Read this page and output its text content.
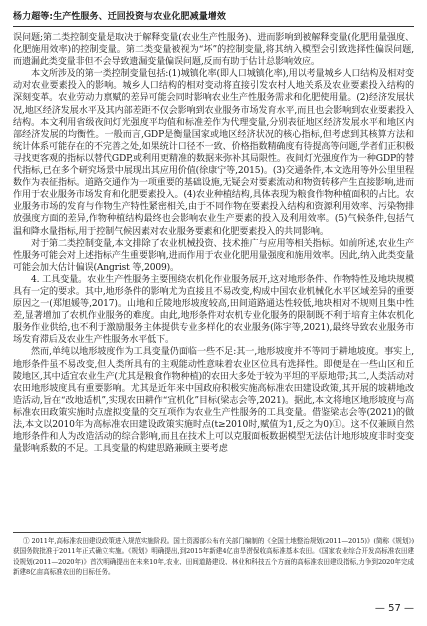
杨力超等:生产性服务、迁回投资与农业化肥减量增效

误问题;第二类控制变量是取决于解释变量(农业生产性服务)、进而影响到被解释变量(化肥用量强度、化肥施用效率)的控制变量。第二类变量被视为“坏”的控制变量,将其纳入模型会引致选择性偏误问题,而遗漏此类变量非但不会导致遗漏变量偏误问题,反而有助于估计总影响效应。

本文所涉及的第一类控制变量包括:(1)城镇化率(即人口城镇化率),用以考量城乡人口结构及相对变动对农业要素投入的影响。城乡人口结构的相对变动将直接引发农村人地关系及农业要素投入结构的深刻变革。农业劳动力禀赋的差异可能会同时影响农业生产性服务需求和化肥使用量。(2)经济发展状况,地区经济发展水平及其内部差距不仅会影响到农业服务市场发育水平,而且也会影响到农业要素投入结构。本文利用省级夜间灯光强度平均值和标准差作为代理变量,分别表征地区经济发展水平和地区内部经济发展的均衡性。一般而言,GDP是衡量国家或地区经济状况的核心指标,但考虑到其核算方法和统计体系可能存在的不完善之处,如果统计口径不一致、价格指数精确度有待提高等问题,学者们正积极寻找更客观的指标以替代GDP,或利用更精准的数据来弥补其局限性。夜间灯光强度作为一种GDP的替代指标,已在多个研究场景中展现出其应用价值(徐康宁等,2015)。(3)交通条件,本文选用等外公里里程数作为表征指标。道路交通作为一项重要的基础设施,无疑会对要素流动和物资转移产生直接影响,进而作用于农业服务市场发育和化肥要素投入。(4)农业种植结构,具体表现为粮食作物种植面积的占比。农业服务市场的发育与作物生产特性紧密相关,由于不同作物在要素投入结构和资源利用效率、污染物排放强度方面的差异,作物种植结构最终也会影响农业生产要素的投入及利用效率。(5)气候条件,包括气温和降水量指标,用于控制气候因素对农业服务要素和化肥要素投入的共同影响。

对于第二类控制变量,本文排除了农业机械投资、技术推广与应用等相关指标。如前所述,农业生产性服务可能会对上述指标产生重要影响,进而作用于农业化肥用量强度和施用效率。因此,纳入此类变量可能会加大估计偏误(Angrist 等,2009)。

4. 工具变量。农业生产性服务主要围绕农机化作业服务展开,这对地形条件、作物特性及地块规模具有一定的要求。其中,地形条件的影响尤为直接且不易改变,构成中国农业机械化水平区域差异的重要原因之一(郑旭媛等,2017)。山地和丘陵地形坡度较高,田间道路通达性较低,地块相对不规则且集中性差,显著增加了农机作业服务的难度。由此,地形条件对农机专业化服务的限制既不利于培育主体农机化服务作业供给,也不利于激励服务主体提供专业多样化的农业服务(陈宇等,2021),最终导致农业服务市场发育滞后及农业生产性服务水平低下。

然而,单纯以地形坡度作为工具变量仍面临一些不足:其一,地形坡度并不等同于耕地坡度。事实上,地形条件虽不易改变,但人类所具有的主观能动性意味着农业区位具有选择性。即便是在一些山区和丘陵地区,其中适宜农业生产(尤其是粮食作物种植)的农田大多处于较为平坦的平原地带;其二,人类活动对农田地形坡度具有重要影响。尤其是近年来中国政府积极实施高标准农田建设政策,其开展的坡耕地改造活动,旨在“改地适机”,实现农田耕作“宜机化”目标(梁志会等,2021)。据此,本文将地区地形坡度与高标准农田政策实施时点虚拟变量的交互项作为农业生产性服务的工具变量。借鉴梁志会等(2021)的做法,本文以2010年为高标准农田建设政策实施时点(t≥2010时,赋值为1,反之为0)①。这不仅兼顾自然地形条件和人为改造活动的综合影响,而且在技术上可以克服面板数据模型无法估计地形坡度非时变变量影响系数的不足。工具变量的构建思路兼顾主要考虑

① 2011年,高标准农田建设政策进入规范实施阶段。国土资源部公布有关部门编制的《全国土地整治规划(2011—2015)》(简称《规划》)获国务院批准于2011年正式确立实施。《规划》明确提出,到2015年新建4亿亩旱涝保收高标准基本农田。《国家农业综合开发高标准农田建设规划(2011—2020年)》首次明确提出在未来10年,农业、田间道路建设、林业和科技五个方面的高标准农田建设指标,力争到2020年完成新建8亿亩高标准农田的目标任务。

— 57 —
